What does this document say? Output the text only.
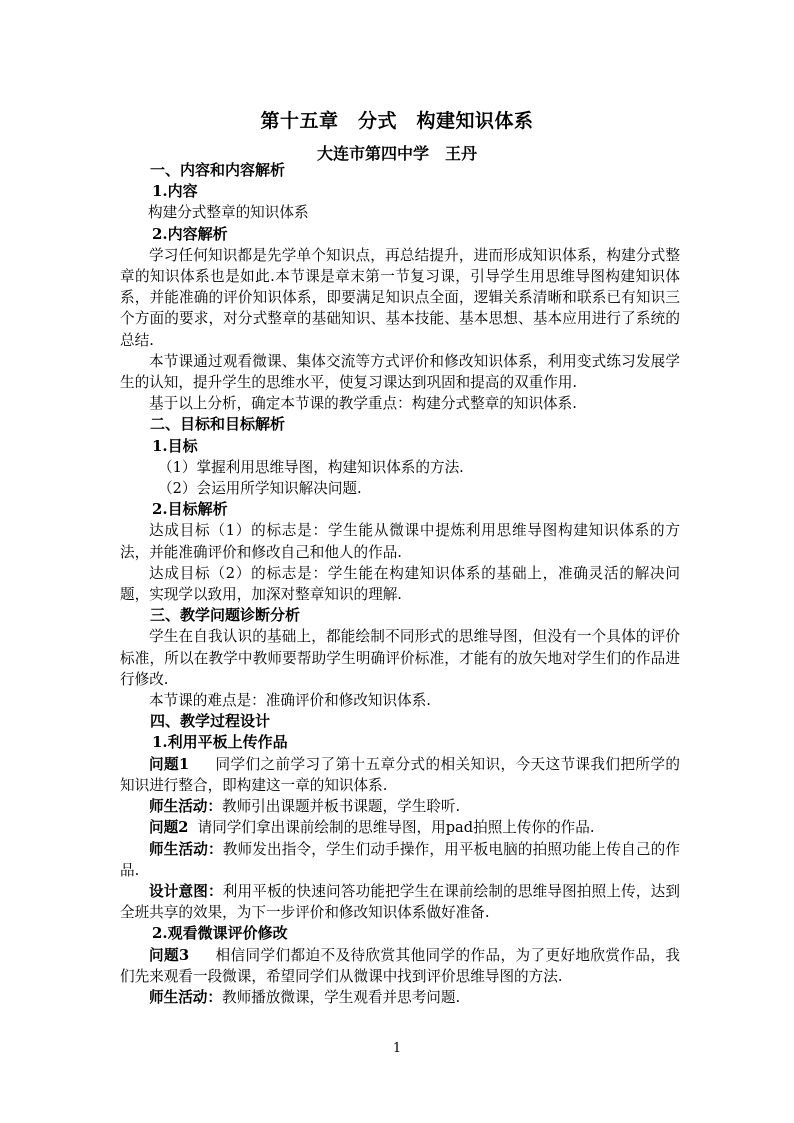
第十五章　分式　构建知识体系
大连市第四中学　王丹

一、内容和内容解析

1.内容

构建分式整章的知识体系

2.内容解析

学习任何知识都是先学单个知识点，再总结提升，进而形成知识体系，构建分式整章的知识体系也是如此.本节课是章末第一节复习课，引导学生用思维导图构建知识体系，并能准确的评价知识体系，即要满足知识点全面，逻辑关系清晰和联系已有知识三个方面的要求，对分式整章的基础知识、基本技能、基本思想、基本应用进行了系统的总结.

本节课通过观看微课、集体交流等方式评价和修改知识体系，利用变式练习发展学生的认知，提升学生的思维水平，使复习课达到巩固和提高的双重作用.

基于以上分析，确定本节课的教学重点：构建分式整章的知识体系.

二、目标和目标解析

1.目标

（1）掌握利用思维导图，构建知识体系的方法.

（2）会运用所学知识解决问题.

2.目标解析

达成目标（1）的标志是：学生能从微课中提炼利用思维导图构建知识体系的方法，并能准确评价和修改自己和他人的作品.

达成目标（2）的标志是：学生能在构建知识体系的基础上，准确灵活的解决问题，实现学以致用，加深对整章知识的理解.

三、教学问题诊断分析

学生在自我认识的基础上，都能绘制不同形式的思维导图，但没有一个具体的评价标准，所以在教学中教师要帮助学生明确评价标准，才能有的放矢地对学生们的作品进行修改.

本节课的难点是：准确评价和修改知识体系.

四、教学过程设计

1.利用平板上传作品

问题1 同学们之前学习了第十五章分式的相关知识，今天这节课我们把所学的知识进行整合，即构建这一章的知识体系.

师生活动：教师引出课题并板书课题，学生聆听.

问题2 请同学们拿出课前绘制的思维导图，用pad拍照上传你的作品.

师生活动：教师发出指令，学生们动手操作，用平板电脑的拍照功能上传自己的作品.

设计意图：利用平板的快速问答功能把学生在课前绘制的思维导图拍照上传，达到全班共享的效果，为下一步评价和修改知识体系做好准备.

2.观看微课评价修改

问题3 相信同学们都迫不及待欣赏其他同学的作品，为了更好地欣赏作品，我们先来观看一段微课，希望同学们从微课中找到评价思维导图的方法.

师生活动：教师播放微课，学生观看并思考问题.

1
